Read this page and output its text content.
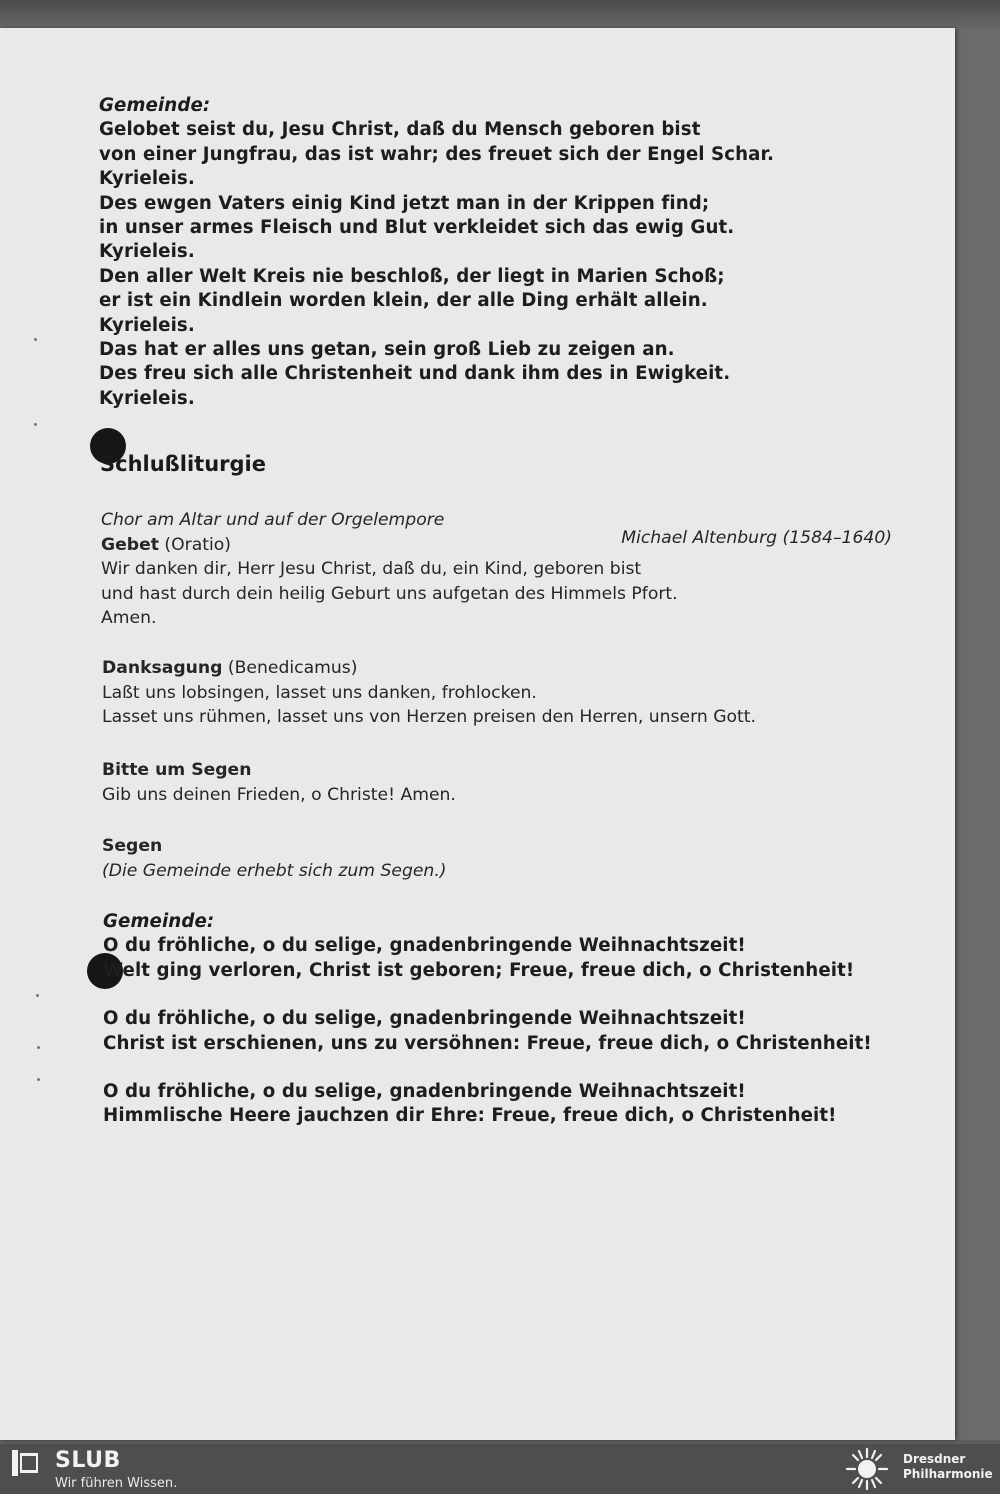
Gemeinde:
Gelobet seist du, Jesu Christ, daß du Mensch geboren bist
von einer Jungfrau, das ist wahr; des freuet sich der Engel Schar.
Kyrieleis.
Des ewgen Vaters einig Kind jetzt man in der Krippen find;
in unser armes Fleisch und Blut verkleidet sich das ewig Gut.
Kyrieleis.
Den aller Welt Kreis nie beschloß, der liegt in Marien Schoß;
er ist ein Kindlein worden klein, der alle Ding erhält allein.
Kyrieleis.
Das hat er alles uns getan, sein groß Lieb zu zeigen an.
Des freu sich alle Christenheit und dank ihm des in Ewigkeit.
Kyrieleis.
Schlußliturgie
Chor am Altar und auf der Orgelempore
Gebet (Oratio)
Wir danken dir, Herr Jesu Christ, daß du, ein Kind, geboren bist
und hast durch dein heilig Geburt uns aufgetan des Himmels Pfort.
Amen.
Michael Altenburg (1584–1640)
Danksagung (Benedicamus)
Laßt uns lobsingen, lasset uns danken, frohlocken.
Lasset uns rühmen, lasset uns von Herzen preisen den Herren, unsern Gott.
Bitte um Segen
Gib uns deinen Frieden, o Christe! Amen.
Segen
(Die Gemeinde erhebt sich zum Segen.)
Gemeinde:
O du fröhliche, o du selige, gnadenbringende Weihnachtszeit!
Welt ging verloren, Christ ist geboren; Freue, freue dich, o Christenheit!
O du fröhliche, o du selige, gnadenbringende Weihnachtszeit!
Christ ist erschienen, uns zu versöhnen: Freue, freue dich, o Christenheit!
O du fröhliche, o du selige, gnadenbringende Weihnachtszeit!
Himmlische Heere jauchzen dir Ehre: Freue, freue dich, o Christenheit!
SLUB
Wir führen Wissen.
Dresdner
Philharmonie
